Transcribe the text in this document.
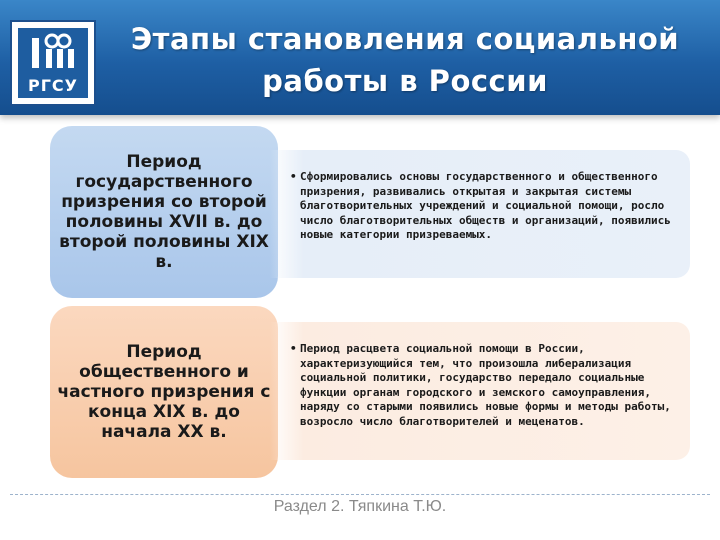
РГСУ
Этапы становления социальной
работы в России
Период государственного призрения со второй половины XVII в. до второй половины XIX в.
• Сформировались основы государственного и общественного призрения, развивались открытая и закрытая системы благотворительных учреждений и социальной помощи, росло число благотворительных обществ и организаций, появились новые категории призреваемых.
Период общественного и частного призрения с конца XIX в. до начала XX в.
• Период расцвета социальной помощи в России, характеризующийся тем, что произошла либерализация социальной политики, государство передало социальные функции органам городского и земского самоуправления, наряду со старыми появились новые формы и методы работы, возросло число благотворителей и меценатов.
Раздел 2. Тяпкина Т.Ю.
